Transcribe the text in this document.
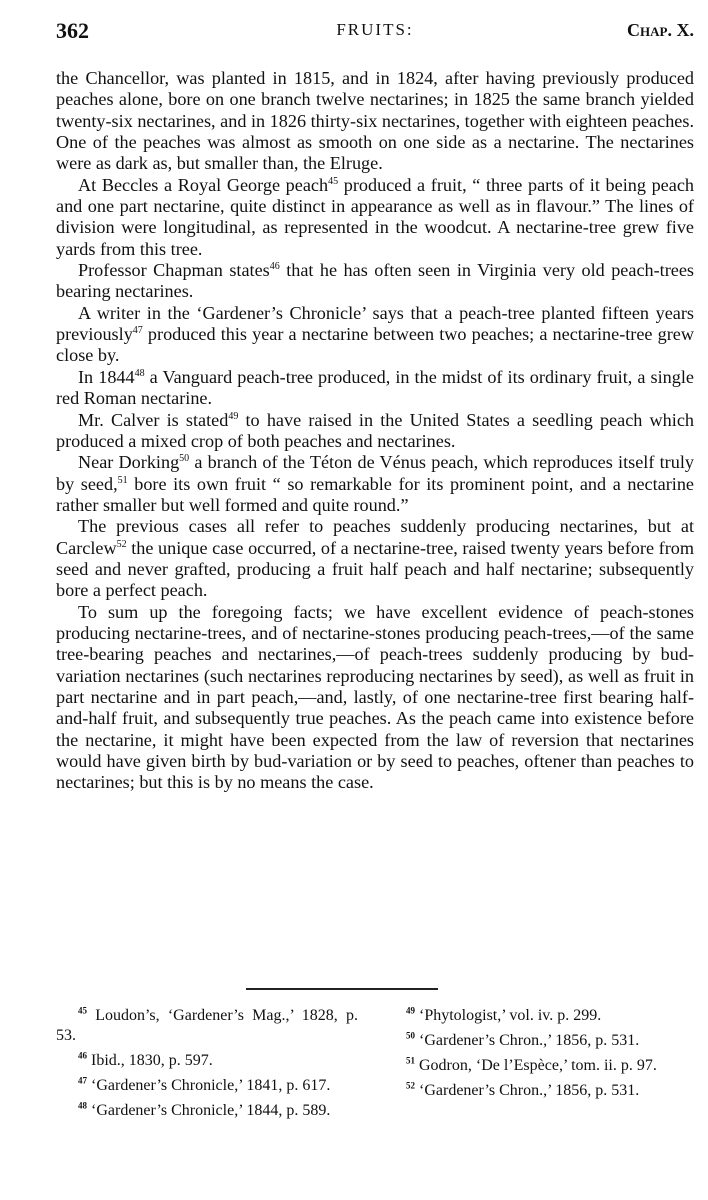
362	FRUITS:	Chap. X.

the Chancellor, was planted in 1815, and in 1824, after having previously produced peaches alone, bore on one branch twelve nectarines; in 1825 the same branch yielded twenty-six nectarines, and in 1826 thirty-six nectarines, together with eighteen peaches. One of the peaches was almost as smooth on one side as a nectarine. The nectarines were as dark as, but smaller than, the Elruge.

At Beccles a Royal George peach$^{45}$ produced a fruit, “ three parts of it being peach and one part nectarine, quite distinct in appearance as well as in flavour.” The lines of division were longitudinal, as represented in the woodcut. A nectarine-tree grew five yards from this tree.

Professor Chapman states$^{46}$ that he has often seen in Virginia very old peach-trees bearing nectarines.

A writer in the ‘Gardener’s Chronicle’ says that a peach-tree planted fifteen years previously$^{47}$ produced this year a nectarine between two peaches; a nectarine-tree grew close by.

In 1844$^{48}$ a Vanguard peach-tree produced, in the midst of its ordinary fruit, a single red Roman nectarine.

Mr. Calver is stated$^{49}$ to have raised in the United States a seedling peach which produced a mixed crop of both peaches and nectarines.

Near Dorking$^{50}$ a branch of the Téton de Vénus peach, which reproduces itself truly by seed,$^{51}$ bore its own fruit “ so remarkable for its prominent point, and a nectarine rather smaller but well formed and quite round.”

The previous cases all refer to peaches suddenly producing nectarines, but at Carclew$^{52}$ the unique case occurred, of a nectarine-tree, raised twenty years before from seed and never grafted, producing a fruit half peach and half nectarine; subsequently bore a perfect peach.

To sum up the foregoing facts; we have excellent evidence of peach-stones producing nectarine-trees, and of nectarine-stones producing peach-trees,—of the same tree-bearing peaches and nectarines,—of peach-trees suddenly producing by bud-variation nectarines (such nectarines reproducing nectarines by seed), as well as fruit in part nectarine and in part peach,—and, lastly, of one nectarine-tree first bearing half-and-half fruit, and subsequently true peaches. As the peach came into existence before the nectarine, it might have been expected from the law of reversion that nectarines would have given birth by bud-variation or by seed to peaches, oftener than peaches to nectarines; but this is by no means the case.

$^{45}$ Loudon’s, ‘Gardener’s Mag.,’ 1828, p. 53.

$^{46}$ Ibid., 1830, p. 597.

$^{47}$ ‘Gardener’s Chronicle,’ 1841, p. 617.

$^{48}$ ‘Gardener’s Chronicle,’ 1844, p. 589.

$^{49}$ ‘Phytologist,’ vol. iv. p. 299.

$^{50}$ ‘Gardener’s Chron.,’ 1856, p. 531.

$^{51}$ Godron, ‘De l’Espèce,’ tom. ii. p. 97.

$^{52}$ ‘Gardener’s Chron.,’ 1856, p. 531.
